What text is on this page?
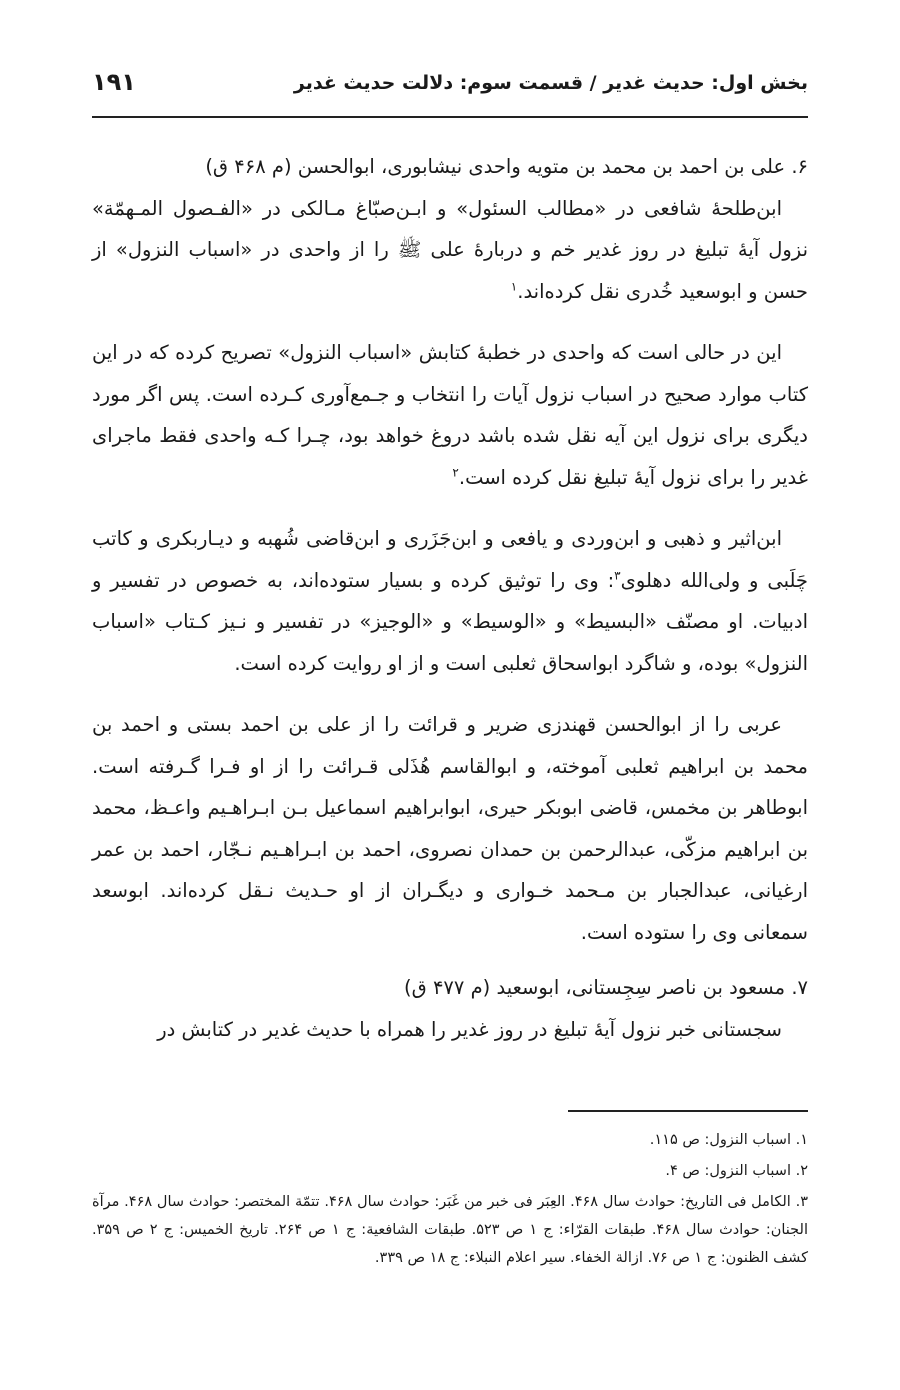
بخش اول: حدیث غدیر / قسمت سوم: دلالت حدیث غدیر
۱۹۱

۶. علی بن احمد بن محمد بن متویه واحدی نیشابوری، ابوالحسن (م ۴۶۸ ق)

ابن‌طلحهٔ شافعی در «مطالب السئول» و ابـن‌صبّاغ مـالکی در «الفـصول المـهمّة» نزول آیهٔ تبلیغ در روز غدیر خم و دربارهٔ علی ﷺ را از واحدی در «اسباب النزول» از حسن و ابوسعید خُدری نقل کرده‌اند.$^۱$

این در حالی است که واحدی در خطبهٔ کتابش «اسباب النزول» تصریح کرده که در این کتاب موارد صحیح در اسباب نزول آیات را انتخاب و جـمع‌آوری کـرده است. پس اگر مورد دیگری برای نزول این آیه نقل شده باشد دروغ خواهد بود، چـرا کـه واحدی فقط ماجرای غدیر را برای نزول آیهٔ تبلیغ نقل کرده است.$^۲$

ابن‌اثیر و ذهبی و ابن‌وردی و یافعی و ابن‌جَزَری و ابن‌قاضی شُهبه و دیـاربکری و کاتب چَلَبی و ولی‌الله دهلوی$^۳$: وی را توثیق کرده و بسیار ستوده‌اند، به خصوص در تفسیر و ادبیات. او مصنّف «البسیط» و «الوسیط» و «الوجیز» در تفسیر و نـیز کـتاب «اسباب النزول» بوده، و شاگرد ابواسحاق ثعلبی است و از او روایت کرده است.

عربی را از ابوالحسن قهندزی ضریر و قرائت را از علی بن احمد بستی و احمد بن محمد بن ابراهیم ثعلبی آموخته، و ابوالقاسم هُذَلی قـرائت را از او فـرا گـرفته است. ابوطاهر بن مخمس، قاضی ابوبکر حیری، ابوابراهیم اسماعیل بـن ابـراهـیم واعـظ، محمد بن ابراهیم مزکّی، عبدالرحمن بن حمدان نصروی، احمد بن ابـراهـیم نـجّار، احمد بن عمر ارغیانی، عبدالجبار بن مـحمد خـواری و دیگـران از او حـدیث نـقل کرده‌اند. ابوسعد سمعانی وی را ستوده است.

۷. مسعود بن ناصر سِجِستانی، ابوسعید (م ۴۷۷ ق)

سجستانی خبر نزول آیهٔ تبلیغ در روز غدیر را همراه با حدیث غدیر در کتابش در

۱. اسباب النزول: ص ۱۱۵.

۲. اسباب النزول: ص ۴.

۳. الکامل فی التاریخ: حوادث سال ۴۶۸. العِبَر فی خبر من غَبَر: حوادث سال ۴۶۸. تتمّة المختصر: حوادث سال ۴۶۸. مرآة الجنان: حوادث سال ۴۶۸. طبقات القرّاء: ج ۱ ص ۵۲۳. طبقات الشافعیة: ج ۱ ص ۲۶۴. تاریخ الخمیس: ج ۲ ص ۳۵۹. کشف الظنون: ج ۱ ص ۷۶. ازالة الخفاء. سیر اعلام النبلاء: ج ۱۸ ص ۳۳۹.
